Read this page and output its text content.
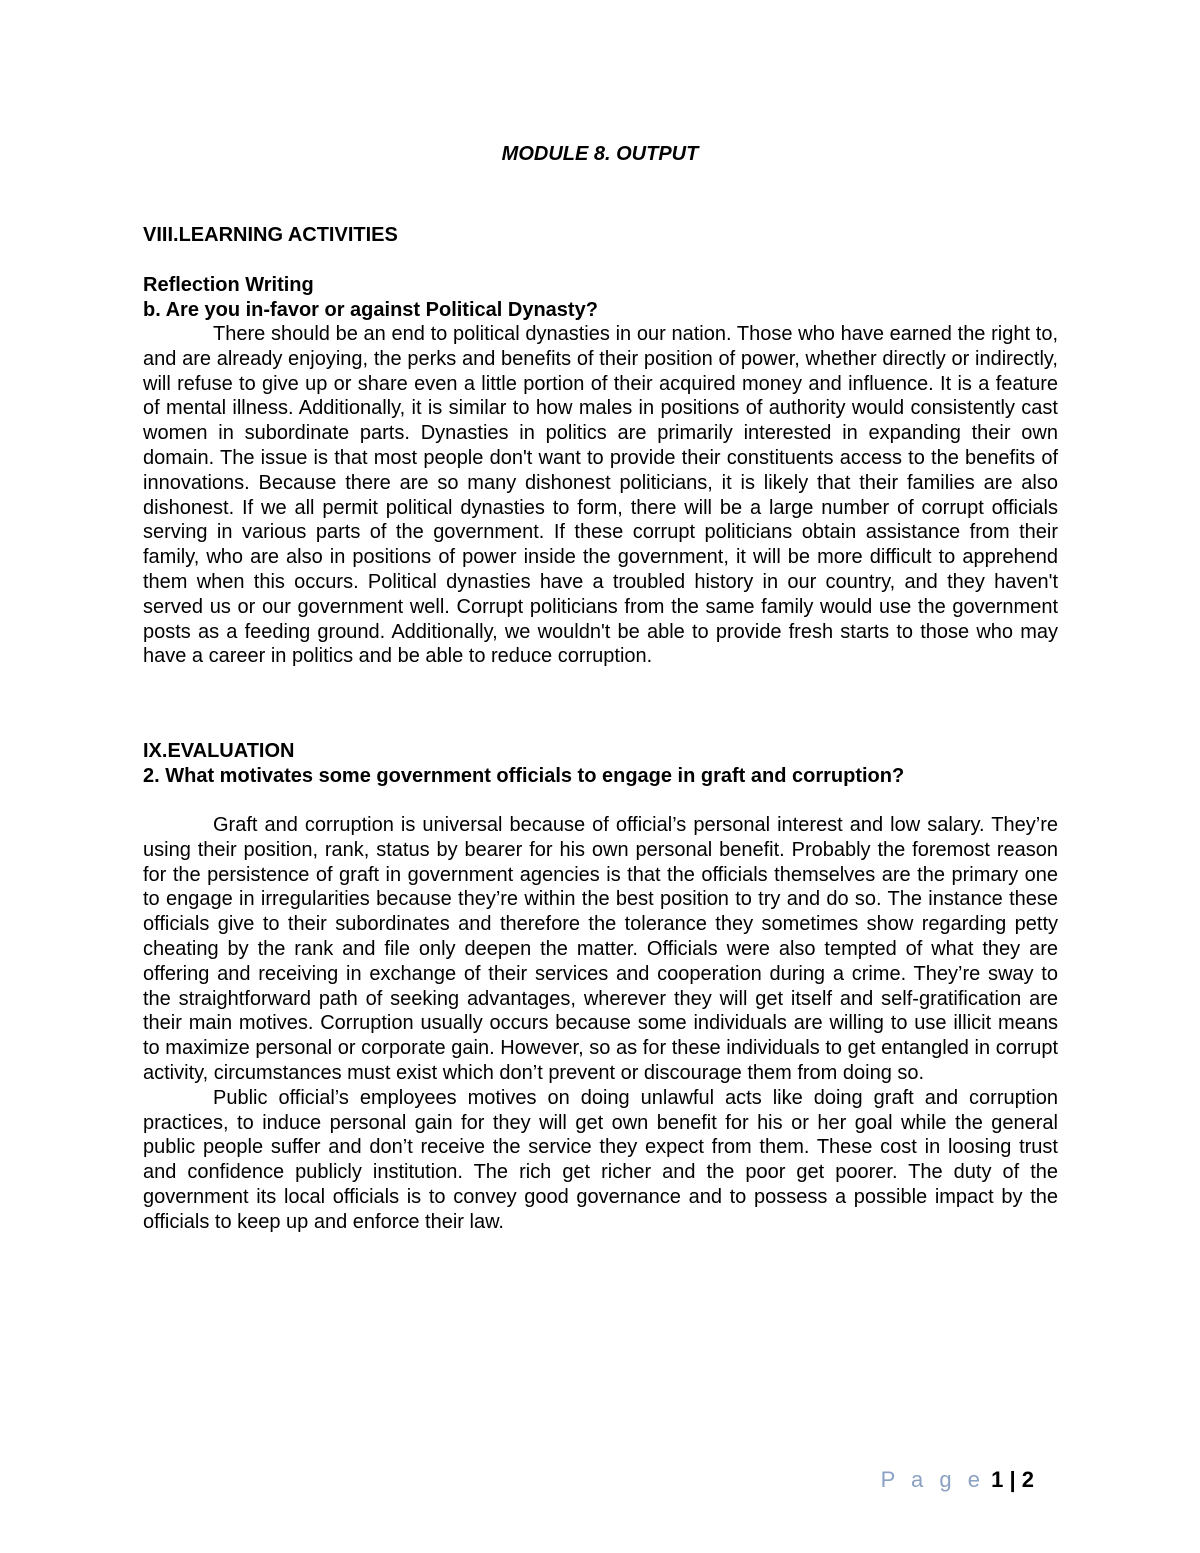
MODULE 8. OUTPUT
VIII.LEARNING ACTIVITIES
Reflection Writing
b. Are you in-favor or against Political Dynasty?

There should be an end to political dynasties in our nation. Those who have earned the right to, and are already enjoying, the perks and benefits of their position of power, whether directly or indirectly, will refuse to give up or share even a little portion of their acquired money and influence. It is a feature of mental illness. Additionally, it is similar to how males in positions of authority would consistently cast women in subordinate parts. Dynasties in politics are primarily interested in expanding their own domain. The issue is that most people don't want to provide their constituents access to the benefits of innovations. Because there are so many dishonest politicians, it is likely that their families are also dishonest. If we all permit political dynasties to form, there will be a large number of corrupt officials serving in various parts of the government. If these corrupt politicians obtain assistance from their family, who are also in positions of power inside the government, it will be more difficult to apprehend them when this occurs. Political dynasties have a troubled history in our country, and they haven't served us or our government well. Corrupt politicians from the same family would use the government posts as a feeding ground. Additionally, we wouldn't be able to provide fresh starts to those who may have a career in politics and be able to reduce corruption.

IX.EVALUATION
2. What motivates some government officials to engage in graft and corruption?

Graft and corruption is universal because of official’s personal interest and low salary. They’re using their position, rank, status by bearer for his own personal benefit. Probably the foremost reason for the persistence of graft in government agencies is that the officials themselves are the primary one to engage in irregularities because they’re within the best position to try and do so. The instance these officials give to their subordinates and therefore the tolerance they sometimes show regarding petty cheating by the rank and file only deepen the matter. Officials were also tempted of what they are offering and receiving in exchange of their services and cooperation during a crime. They’re sway to the straightforward path of seeking advantages, wherever they will get itself and self-gratification are their main motives. Corruption usually occurs because some individuals are willing to use illicit means to maximize personal or corporate gain. However, so as for these individuals to get entangled in corrupt activity, circumstances must exist which don’t prevent or discourage them from doing so.

Public official’s employees motives on doing unlawful acts like doing graft and corruption practices, to induce personal gain for they will get own benefit for his or her goal while the general public people suffer and don’t receive the service they expect from them. These cost in loosing trust and confidence publicly institution. The rich get richer and the poor get poorer. The duty of the government its local officials is to convey good governance and to possess a possible impact by the officials to keep up and enforce their law.

P a g e 1 | 2
